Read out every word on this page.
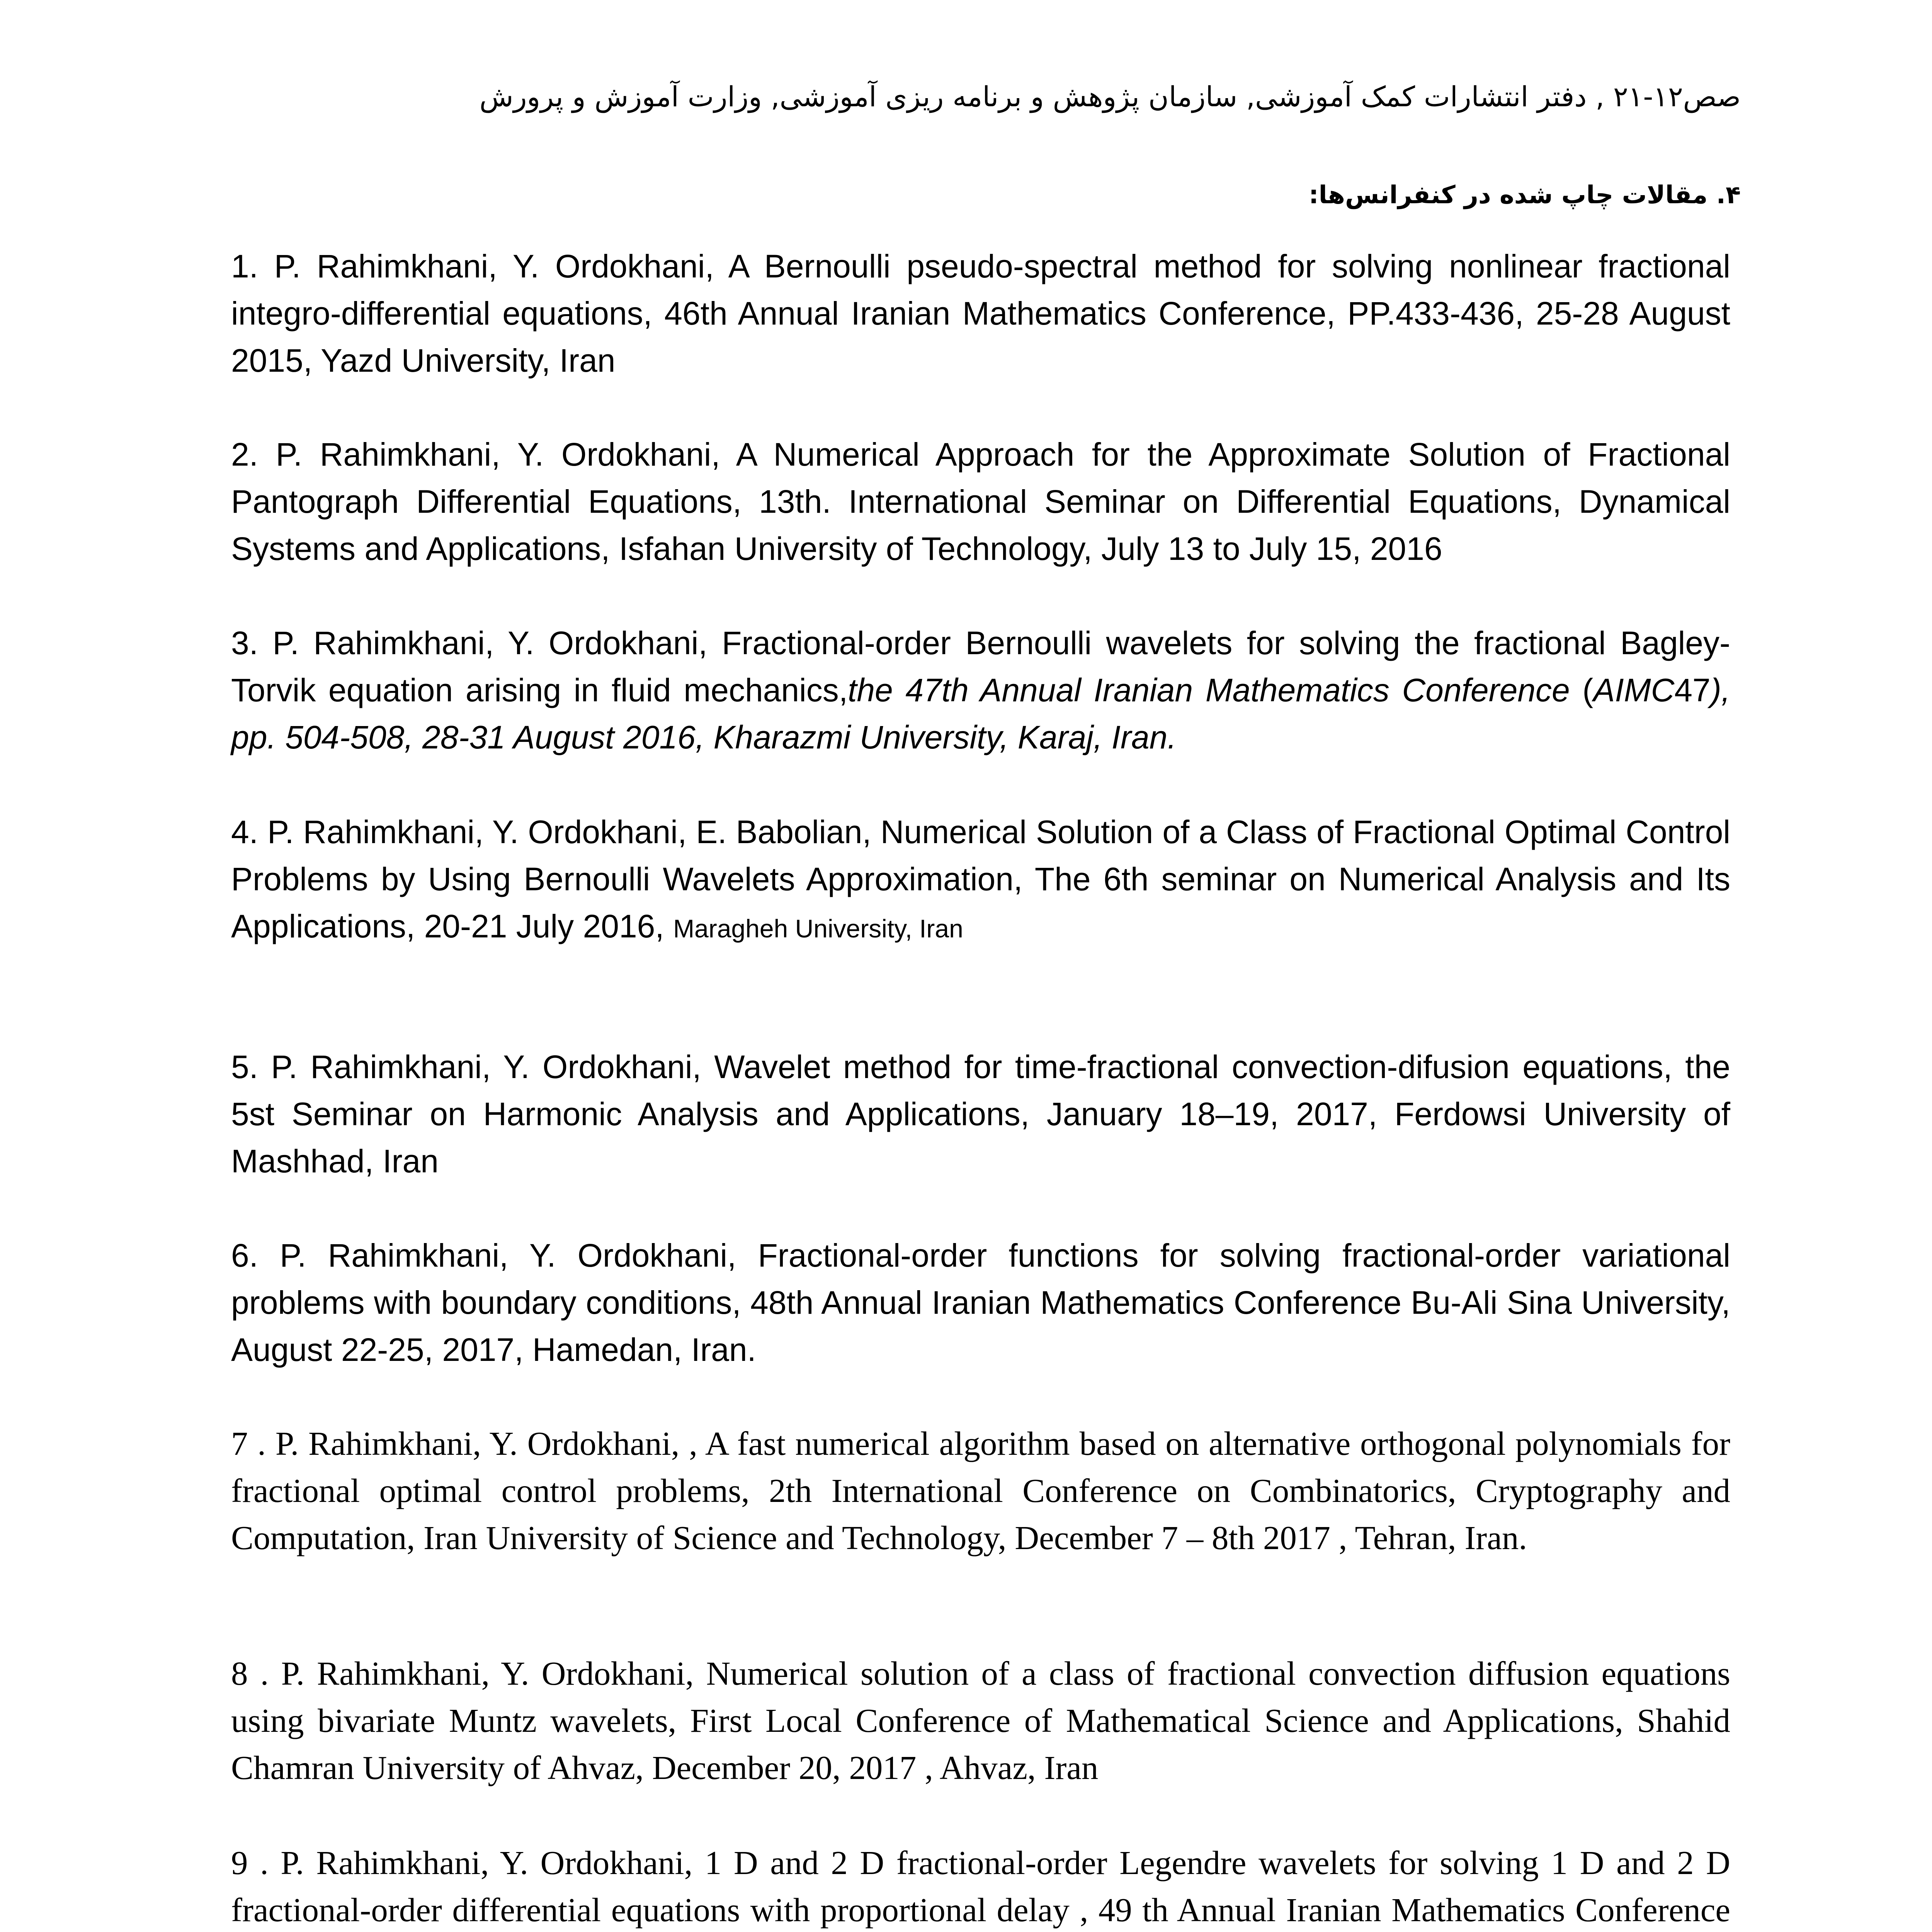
صص۱۲-۲۱ , دفتر انتشارات کمک آموزشی, سازمان پژوهش و برنامه ریزی آموزشی, وزارت آموزش و پرورش
۴. مقالات چاپ شده در کنفرانس‌ها:

1. P. Rahimkhani, Y. Ordokhani, A Bernoulli pseudo-spectral method for solving nonlinear fractional integro-differential equations, 46th Annual Iranian Mathematics Conference, PP.433-436, 25-28 August 2015, Yazd University, Iran

2. P. Rahimkhani, Y. Ordokhani, A Numerical Approach for the Approximate Solution of Fractional Pantograph Differential Equations, 13th. International Seminar on Differential Equations, Dynamical Systems and Applications, Isfahan University of Technology, July 13 to July 15, 2016

3. P. Rahimkhani, Y. Ordokhani, Fractional-order Bernoulli wavelets for solving the fractional Bagley-Torvik equation arising in fluid mechanics,the 47th Annual Iranian Mathematics Conference (AIMC47), pp. 504-508, 28-31 August 2016, Kharazmi University, Karaj, Iran.

4. P. Rahimkhani, Y. Ordokhani, E. Babolian, Numerical Solution of a Class of Fractional Optimal Control Problems by Using Bernoulli Wavelets Approximation, The 6th seminar on Numerical Analysis and Its Applications, 20-21 July 2016, Maragheh University, Iran

5. P. Rahimkhani, Y. Ordokhani, Wavelet method for time-fractional convection-difusion equations, the 5st Seminar on Harmonic Analysis and Applications, January 18–19, 2017, Ferdowsi University of Mashhad, Iran

6. P. Rahimkhani, Y. Ordokhani, Fractional-order functions for solving fractional-order variational problems with boundary conditions, 48th Annual Iranian Mathematics Conference Bu-Ali Sina University, August 22-25, 2017, Hamedan, Iran.

7 . P. Rahimkhani, Y. Ordokhani, , A fast numerical algorithm based on alternative orthogonal polynomials for fractional optimal control problems, 2th International Conference on Combinatorics, Cryptography and Computation, Iran University of Science and Technology, December 7 – 8th 2017 , Tehran, Iran.

8 . P. Rahimkhani, Y. Ordokhani, Numerical solution of a class of fractional convection diffusion equations using bivariate Muntz wavelets, First Local Conference of Mathematical Science and Applications, Shahid Chamran University of Ahvaz, December 20, 2017 , Ahvaz, Iran

9 . P. Rahimkhani, Y. Ordokhani, 1 D and 2 D fractional-order Legendre wavelets for solving 1 D and 2 D fractional-order differential equations with proportional delay , 49 th Annual Iranian Mathematics Conference
